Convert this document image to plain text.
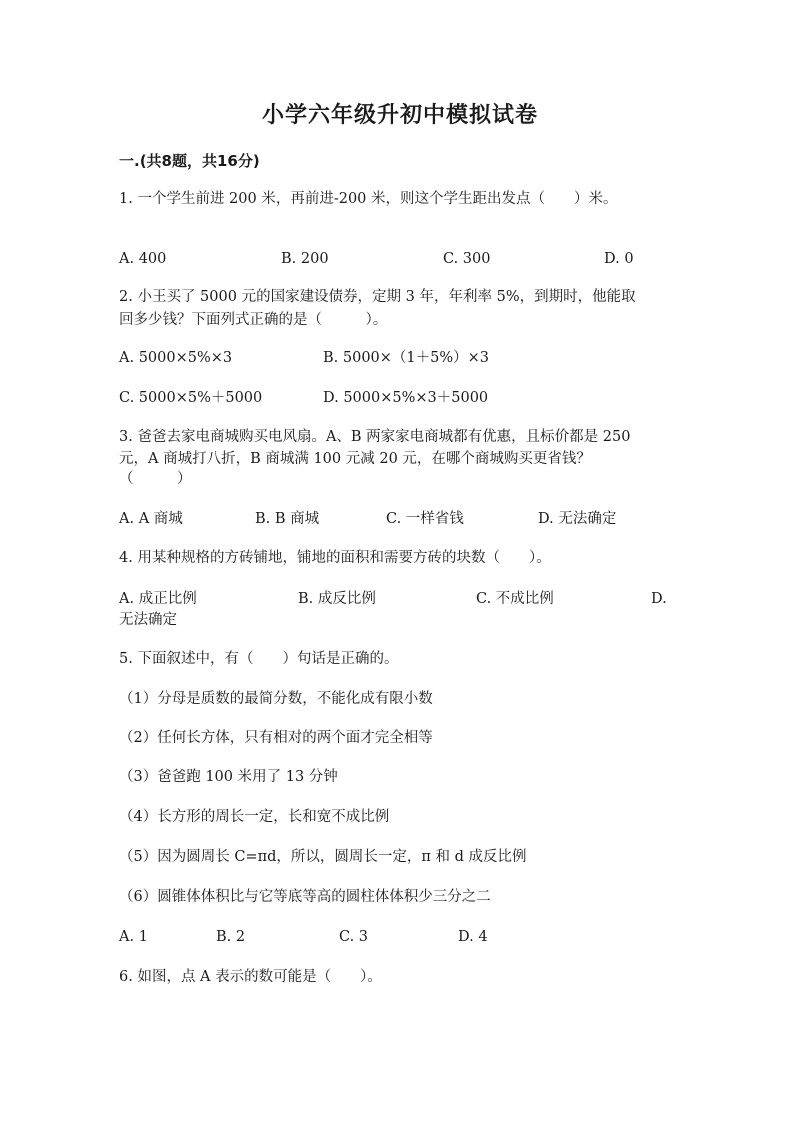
小学六年级升初中模拟试卷
一.(共8题，共16分)
1. 一个学生前进 200 米，再前进-200 米，则这个学生距出发点（　　）米。
A. 400	B. 200	C. 300	D. 0
2. 小王买了 5000 元的国家建设债券，定期 3 年，年利率 5%，到期时，他能取
回多少钱？下面列式正确的是（　　　）。
A. 5000×5%×3	B. 5000×（1＋5%）×3
C. 5000×5%＋5000	D. 5000×5%×3＋5000
3. 爸爸去家电商城购买电风扇。A、B 两家家电商城都有优惠，且标价都是 250
元，A 商城打八折，B 商城满 100 元减 20 元，在哪个商城购买更省钱？
（　　　）
A. A 商城	B. B 商城	C. 一样省钱	D. 无法确定
4. 用某种规格的方砖铺地，铺地的面积和需要方砖的块数（　　）。
A. 成正比例	B. 成反比例	C. 不成比例	D.
无法确定
5. 下面叙述中，有（　　）句话是正确的。
（1）分母是质数的最简分数，不能化成有限小数
（2）任何长方体，只有相对的两个面才完全相等
（3）爸爸跑 100 米用了 13 分钟
（4）长方形的周长一定，长和宽不成比例
（5）因为圆周长 C=πd，所以，圆周长一定，π 和 d 成反比例
（6）圆锥体体积比与它等底等高的圆柱体体积少三分之二
A. 1	B. 2	C. 3	D. 4
6. 如图，点 A 表示的数可能是（　　）。
